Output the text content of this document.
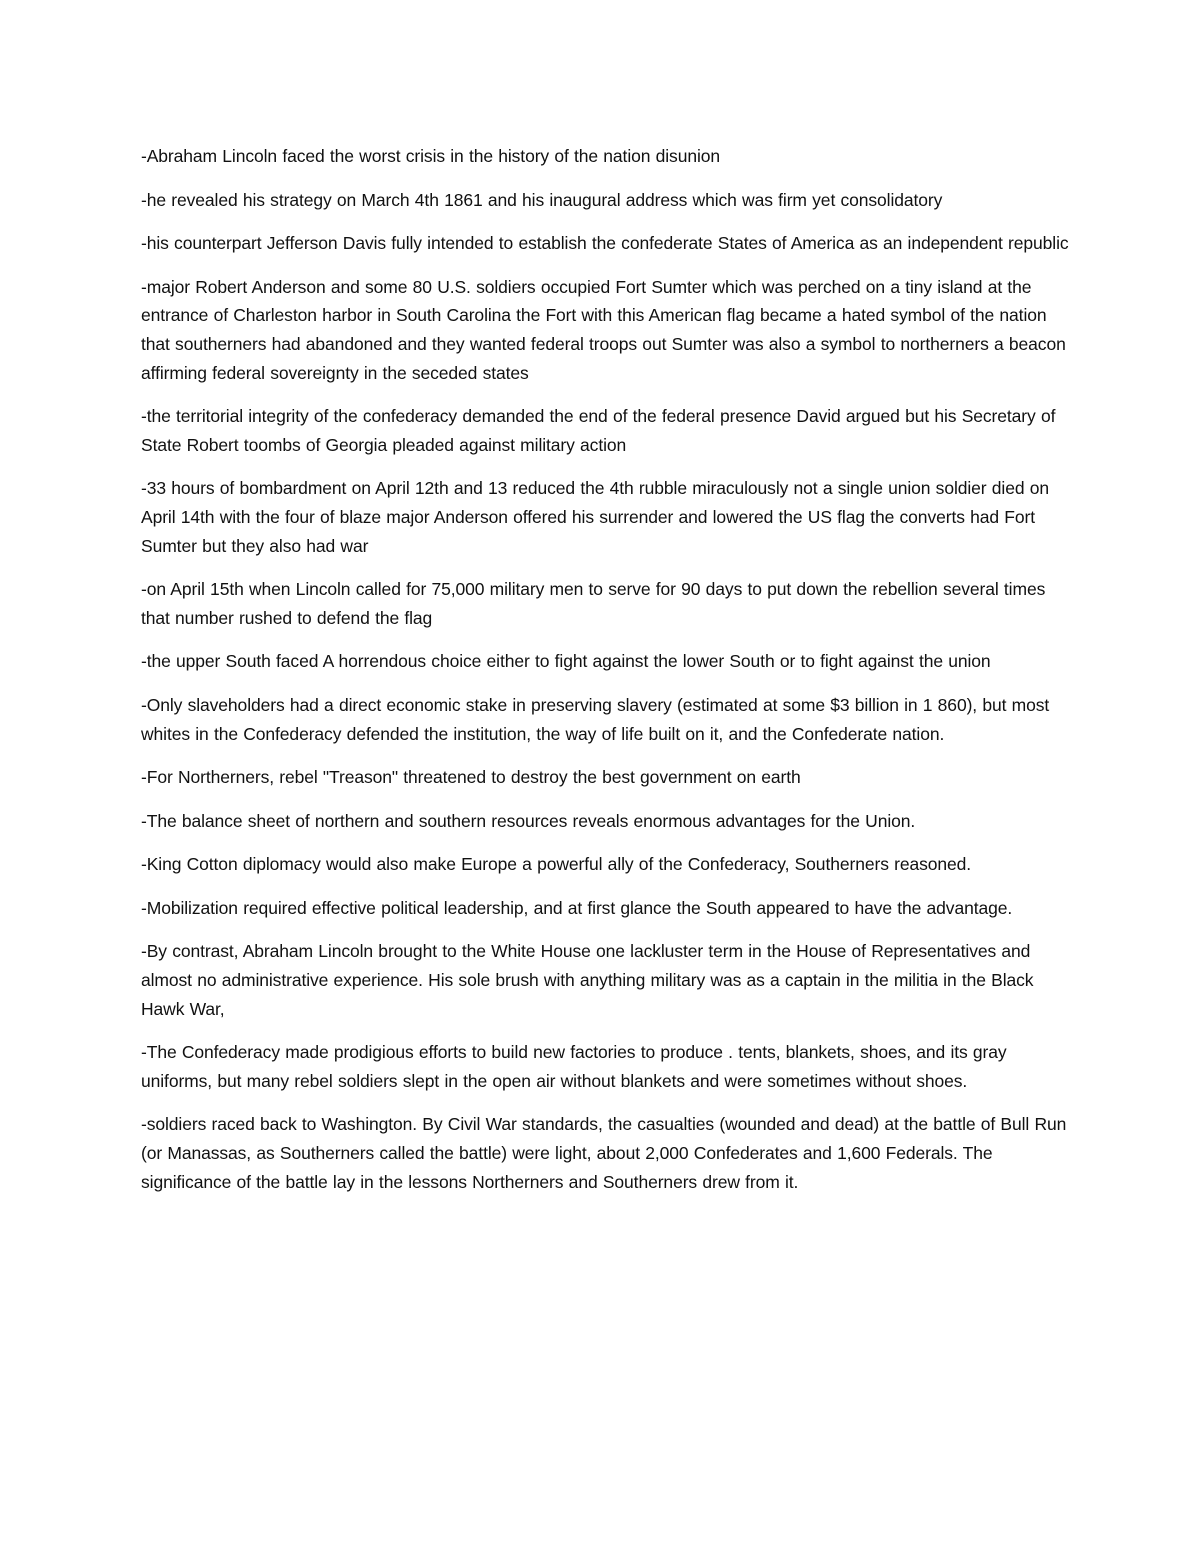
-Abraham Lincoln faced the worst crisis in the history of the nation disunion

-he revealed his strategy on March 4th 1861 and his inaugural address which was firm yet consolidatory

-his counterpart Jefferson Davis fully intended to establish the confederate States of America as an independent republic

-major Robert Anderson and some 80 U.S. soldiers occupied Fort Sumter which was perched on a tiny island at the entrance of Charleston harbor in South Carolina the Fort with this American flag became a hated symbol of the nation that southerners had abandoned and they wanted federal troops out Sumter was also a symbol to northerners a beacon affirming federal sovereignty in the seceded states

-the territorial integrity of the confederacy demanded the end of the federal presence David argued but his Secretary of State Robert toombs of Georgia pleaded against military action

-33 hours of bombardment on April 12th and 13 reduced the 4th rubble miraculously not a single union soldier died on April 14th with the four of blaze major Anderson offered his surrender and lowered the US flag the converts had Fort Sumter but they also had war

-on April 15th when Lincoln called for 75,000 military men to serve for 90 days to put down the rebellion several times that number rushed to defend the flag

-the upper South faced A horrendous choice either to fight against the lower South or to fight against the union

-Only slaveholders had a direct economic stake in preserving slavery (estimated at some $3 billion in 1 860), but most whites in the Confederacy defended the institution, the way of life built on it, and the Confederate nation.

-For Northerners, rebel "Treason" threatened to destroy the best government on earth

-The balance sheet of northern and southern resources reveals enormous advantages for the Union.

-King Cotton diplomacy would also make Europe a powerful ally of the Confederacy, Southerners reasoned.

-Mobilization required effective political leadership, and at first glance the South appeared to have the advantage.

-By contrast, Abraham Lincoln brought to the White House one lackluster term in the House of Representatives and almost no administrative experience. His sole brush with anything military was as a captain in the militia in the Black Hawk War,

-The Confederacy made prodigious efforts to build new factories to produce . tents, blankets, shoes, and its gray uniforms, but many rebel soldiers slept in the open air without blankets and were sometimes without shoes.

-soldiers raced back to Washington. By Civil War standards, the casualties (wounded and dead) at the battle of Bull Run (or Manassas, as Southerners called the battle) were light, about 2,000 Confederates and 1,600 Federals. The significance of the battle lay in the lessons Northerners and Southerners drew from it.
